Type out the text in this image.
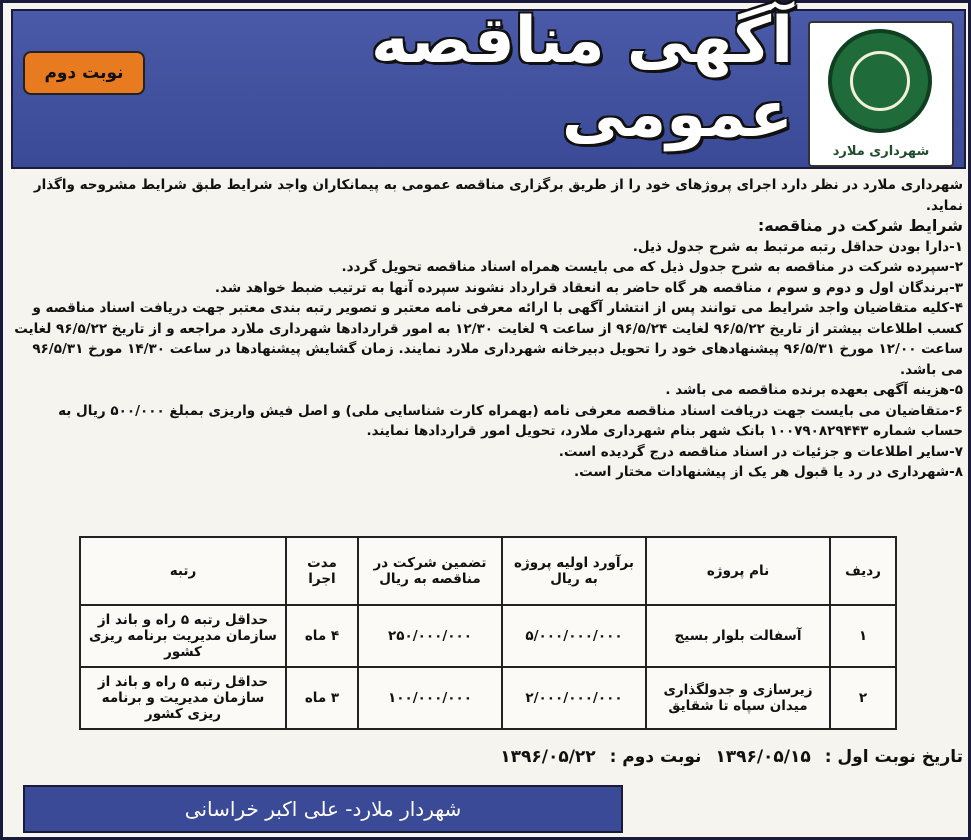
شهرداری ملارد
آگهی مناقصه عمومی
نوبت دوم

شهرداری ملارد در نظر دارد اجرای پروژهای خود را از طریق برگزاری مناقصه عمومی به پیمانکاران واجد شرایط طبق شرایط مشروحه واگذار نماید.

شرایط شرکت در مناقصه:

۱-دارا بودن حداقل رتبه مرتبط به شرح جدول ذیل.

۲-سپرده شرکت در مناقصه به شرح جدول ذیل که می بایست همراه اسناد مناقصه تحویل گردد.

۳-برندگان اول و دوم و سوم ، مناقصه هر گاه حاضر به انعقاد قرارداد نشوند سپرده آنها به ترتیب ضبط خواهد شد.

۴-کلیه متقاضیان واجد شرایط می توانند پس از انتشار آگهی با ارائه معرفی نامه معتبر و تصویر رتبه بندی معتبر جهت دریافت اسناد مناقصه و کسب اطلاعات بیشتر از تاریخ ۹۶/۵/۲۲ لغایت ۹۶/۵/۲۴ از ساعت ۹ لغایت ۱۲/۳۰ به امور قراردادها شهرداری ملارد مراجعه و از تاریخ ۹۶/۵/۲۲ لغایت ساعت ۱۲/۰۰ مورخ ۹۶/۵/۳۱ پیشنهادهای خود را تحویل دبیرخانه شهرداری ملارد نمایند. زمان گشایش پیشنهادها در ساعت ۱۴/۳۰ مورخ ۹۶/۵/۳۱ می باشد.

۵-هزینه آگهی بعهده برنده مناقصه می باشد .

۶-متقاضیان می بایست جهت دریافت اسناد مناقصه معرفی نامه (بهمراه کارت شناسایی ملی) و اصل فیش واریزی بمبلغ ۵۰۰/۰۰۰ ریال به حساب شماره ۱۰۰۷۹۰۸۲۹۴۴۳ بانک شهر بنام شهرداری ملارد، تحویل امور قراردادها نمایند.

۷-سایر اطلاعات و جزئیات در اسناد مناقصه درج گردیده است.

۸-شهرداری در رد یا قبول هر یک از پیشنهادات مختار است.

ردیف	نام پروژه	برآورد اولیه پروژه به ریال	تضمین شرکت در مناقصه به ریال	مدت اجرا	رتبه
۱	آسفالت بلوار بسیج	۵/۰۰۰/۰۰۰/۰۰۰	۲۵۰/۰۰۰/۰۰۰	۴ ماه	حداقل رتبه ۵ راه و باند از سازمان مدیریت برنامه ریزی کشور
۲	زیرسازی و جدولگذاری میدان سپاه تا شقایق	۲/۰۰۰/۰۰۰/۰۰۰	۱۰۰/۰۰۰/۰۰۰	۳ ماه	حداقل رتبه ۵ راه و باند از سازمان مدیریت و برنامه ریزی کشور
تاریخ نوبت اول : ۱۳۹۶/۰۵/۱۵ نوبت دوم : ۱۳۹۶/۰۵/۲۲
شهردار ملارد- علی اکبر خراسانی
